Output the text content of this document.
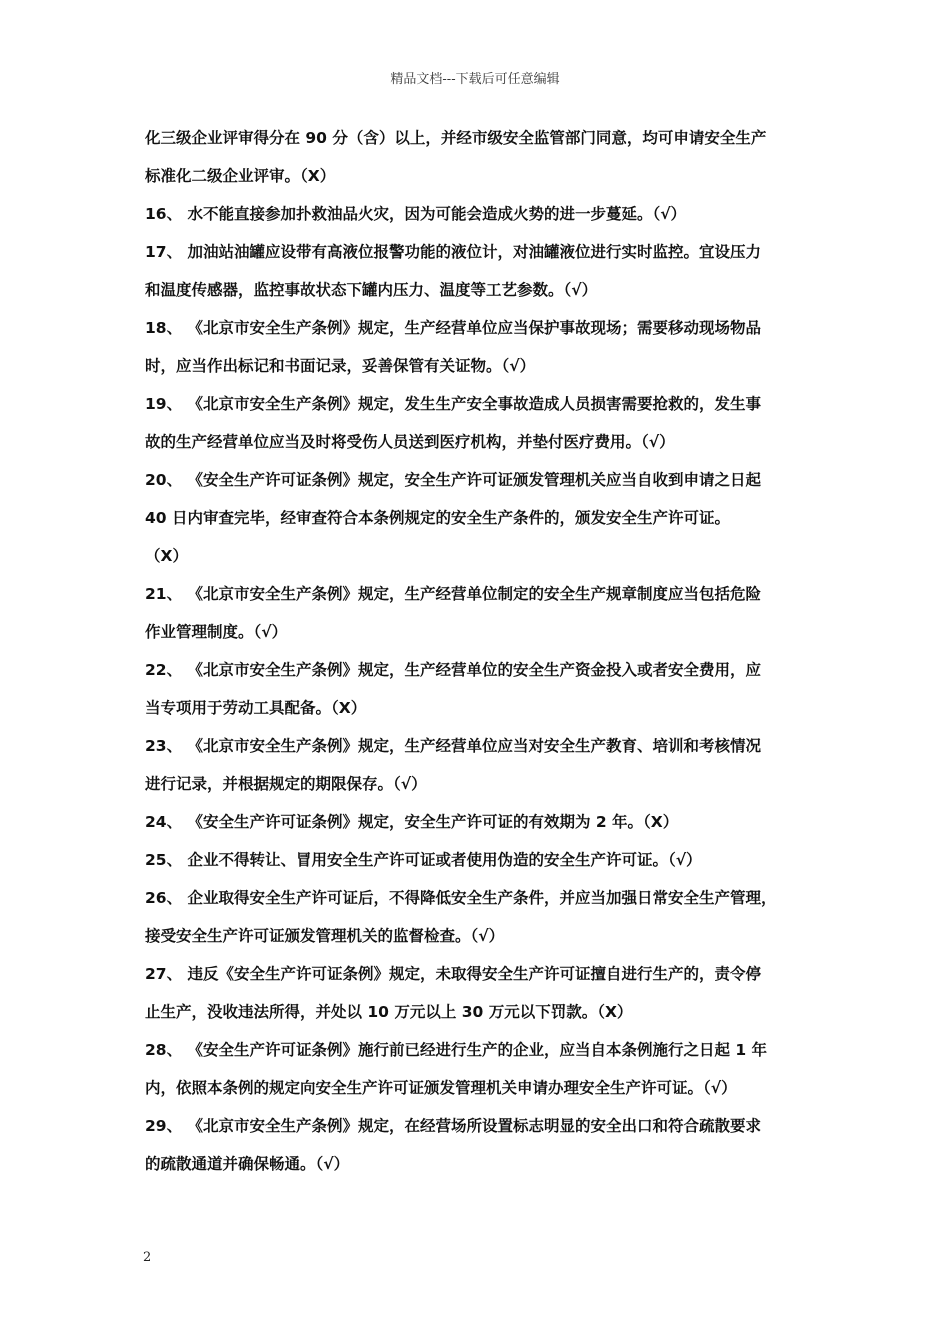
精品文档---下载后可任意编辑

化三级企业评审得分在 90 分（含）以上，并经市级安全监管部门同意，均可申请安全生产

标准化二级企业评审。（X）

16、 水不能直接参加扑救油品火灾，因为可能会造成火势的进一步蔓延。（√）

17、 加油站油罐应设带有高液位报警功能的液位计，对油罐液位进行实时监控。宜设压力

和温度传感器，监控事故状态下罐内压力、温度等工艺参数。（√）

18、 《北京市安全生产条例》规定，生产经营单位应当保护事故现场；需要移动现场物品

时，应当作出标记和书面记录，妥善保管有关证物。（√）

19、 《北京市安全生产条例》规定，发生生产安全事故造成人员损害需要抢救的，发生事

故的生产经营单位应当及时将受伤人员送到医疗机构，并垫付医疗费用。（√）

20、 《安全生产许可证条例》规定，安全生产许可证颁发管理机关应当自收到申请之日起

40 日内审查完毕，经审查符合本条例规定的安全生产条件的，颁发安全生产许可证。

（X）

21、 《北京市安全生产条例》规定，生产经营单位制定的安全生产规章制度应当包括危险

作业管理制度。（√）

22、 《北京市安全生产条例》规定，生产经营单位的安全生产资金投入或者安全费用，应

当专项用于劳动工具配备。（X）

23、 《北京市安全生产条例》规定，生产经营单位应当对安全生产教育、培训和考核情况

进行记录，并根据规定的期限保存。（√）

24、 《安全生产许可证条例》规定，安全生产许可证的有效期为 2 年。（X）

25、 企业不得转让、冒用安全生产许可证或者使用伪造的安全生产许可证。（√）

26、 企业取得安全生产许可证后，不得降低安全生产条件，并应当加强日常安全生产管理，

接受安全生产许可证颁发管理机关的监督检查。（√）

27、 违反《安全生产许可证条例》规定，未取得安全生产许可证擅自进行生产的，责令停

止生产，没收违法所得，并处以 10 万元以上 30 万元以下罚款。（X）

28、 《安全生产许可证条例》施行前已经进行生产的企业，应当自本条例施行之日起 1 年

内，依照本条例的规定向安全生产许可证颁发管理机关申请办理安全生产许可证。（√）

29、 《北京市安全生产条例》规定，在经营场所设置标志明显的安全出口和符合疏散要求

的疏散通道并确保畅通。（√）

2
